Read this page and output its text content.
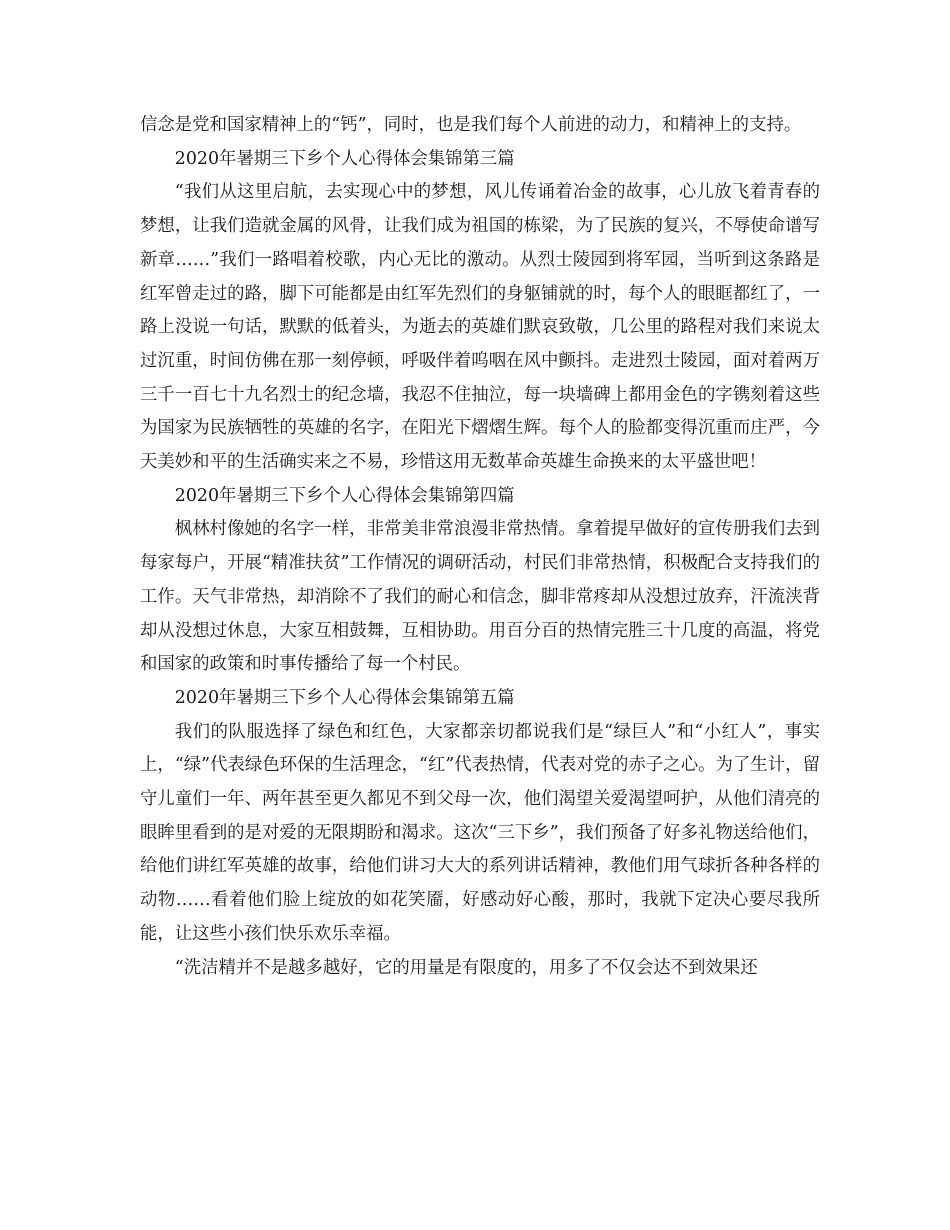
信念是党和国家精神上的“钙”，同时，也是我们每个人前进的动力，和精神上的支持。

2020年暑期三下乡个人心得体会集锦第三篇

“我们从这里启航，去实现心中的梦想，风儿传诵着冶金的故事，心儿放飞着青春的梦想，让我们造就金属的风骨，让我们成为祖国的栋梁，为了民族的复兴，不辱使命谱写新章……”我们一路唱着校歌，内心无比的激动。从烈士陵园到将军园，当听到这条路是红军曾走过的路，脚下可能都是由红军先烈们的身躯铺就的时，每个人的眼眶都红了，一路上没说一句话，默默的低着头，为逝去的英雄们默哀致敬，几公里的路程对我们来说太过沉重，时间仿佛在那一刻停顿，呼吸伴着呜咽在风中颤抖。走进烈士陵园，面对着两万三千一百七十九名烈士的纪念墙，我忍不住抽泣，每一块墙碑上都用金色的字镌刻着这些为国家为民族牺牲的英雄的名字，在阳光下熠熠生辉。每个人的脸都变得沉重而庄严，今天美妙和平的生活确实来之不易，珍惜这用无数革命英雄生命换来的太平盛世吧！

2020年暑期三下乡个人心得体会集锦第四篇

枫林村像她的名字一样，非常美非常浪漫非常热情。拿着提早做好的宣传册我们去到每家每户，开展“精准扶贫”工作情况的调研活动，村民们非常热情，积极配合支持我们的工作。天气非常热，却消除不了我们的耐心和信念，脚非常疼却从没想过放弃，汗流浃背却从没想过休息，大家互相鼓舞，互相协助。用百分百的热情完胜三十几度的高温，将党和国家的政策和时事传播给了每一个村民。

2020年暑期三下乡个人心得体会集锦第五篇

我们的队服选择了绿色和红色，大家都亲切都说我们是“绿巨人”和“小红人”，事实上，“绿”代表绿色环保的生活理念，“红”代表热情，代表对党的赤子之心。为了生计，留守儿童们一年、两年甚至更久都见不到父母一次，他们渴望关爱渴望呵护，从他们清亮的眼眸里看到的是对爱的无限期盼和渴求。这次“三下乡”，我们预备了好多礼物送给他们，给他们讲红军英雄的故事，给他们讲习大大的系列讲话精神，教他们用气球折各种各样的动物……看着他们脸上绽放的如花笑靥，好感动好心酸，那时，我就下定决心要尽我所能，让这些小孩们快乐欢乐幸福。

“洗洁精并不是越多越好，它的用量是有限度的，用多了不仅会达不到效果还
